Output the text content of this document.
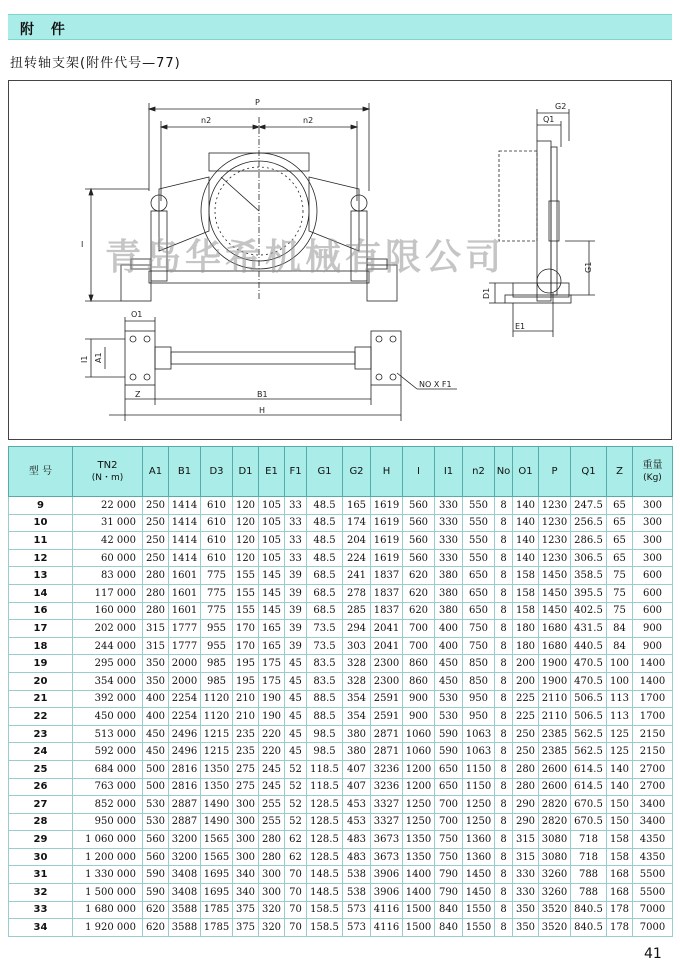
附 件
扭转轴支架(附件代号—77)
P
n2	n2
I
G2
Q1
G1
D1
E1
O1
I1 A1
Z	B1
H
NO X F1
青岛华希机械有限公司
型 号	TN2
(N・m)	A1	B1	D3	D1	E1	F1	G1	G2	H	I	I1	n2	No	O1	P	Q1	Z	重量
(Kg)

9	22 000	250	1414	610	120	105	33	48.5	165	1619	560	330	550	8	140	1230	247.5	65	300
10	31 000	250	1414	610	120	105	33	48.5	174	1619	560	330	550	8	140	1230	256.5	65	300
11	42 000	250	1414	610	120	105	33	48.5	204	1619	560	330	550	8	140	1230	286.5	65	300
12	60 000	250	1414	610	120	105	33	48.5	224	1619	560	330	550	8	140	1230	306.5	65	300
13	83 000	280	1601	775	155	145	39	68.5	241	1837	620	380	650	8	158	1450	358.5	75	600
14	117 000	280	1601	775	155	145	39	68.5	278	1837	620	380	650	8	158	1450	395.5	75	600
16	160 000	280	1601	775	155	145	39	68.5	285	1837	620	380	650	8	158	1450	402.5	75	600
17	202 000	315	1777	955	170	165	39	73.5	294	2041	700	400	750	8	180	1680	431.5	84	900
18	244 000	315	1777	955	170	165	39	73.5	303	2041	700	400	750	8	180	1680	440.5	84	900
19	295 000	350	2000	985	195	175	45	83.5	328	2300	860	450	850	8	200	1900	470.5	100	1400
20	354 000	350	2000	985	195	175	45	83.5	328	2300	860	450	850	8	200	1900	470.5	100	1400
21	392 000	400	2254	1120	210	190	45	88.5	354	2591	900	530	950	8	225	2110	506.5	113	1700
22	450 000	400	2254	1120	210	190	45	88.5	354	2591	900	530	950	8	225	2110	506.5	113	1700
23	513 000	450	2496	1215	235	220	45	98.5	380	2871	1060	590	1063	8	250	2385	562.5	125	2150
24	592 000	450	2496	1215	235	220	45	98.5	380	2871	1060	590	1063	8	250	2385	562.5	125	2150
25	684 000	500	2816	1350	275	245	52	118.5	407	3236	1200	650	1150	8	280	2600	614.5	140	2700
26	763 000	500	2816	1350	275	245	52	118.5	407	3236	1200	650	1150	8	280	2600	614.5	140	2700
27	852 000	530	2887	1490	300	255	52	128.5	453	3327	1250	700	1250	8	290	2820	670.5	150	3400
28	950 000	530	2887	1490	300	255	52	128.5	453	3327	1250	700	1250	8	290	2820	670.5	150	3400
29	1 060 000	560	3200	1565	300	280	62	128.5	483	3673	1350	750	1360	8	315	3080	718	158	4350
30	1 200 000	560	3200	1565	300	280	62	128.5	483	3673	1350	750	1360	8	315	3080	718	158	4350
31	1 330 000	590	3408	1695	340	300	70	148.5	538	3906	1400	790	1450	8	330	3260	788	168	5500
32	1 500 000	590	3408	1695	340	300	70	148.5	538	3906	1400	790	1450	8	330	3260	788	168	5500
33	1 680 000	620	3588	1785	375	320	70	158.5	573	4116	1500	840	1550	8	350	3520	840.5	178	7000
34	1 920 000	620	3588	1785	375	320	70	158.5	573	4116	1500	840	1550	8	350	3520	840.5	178	7000
41
